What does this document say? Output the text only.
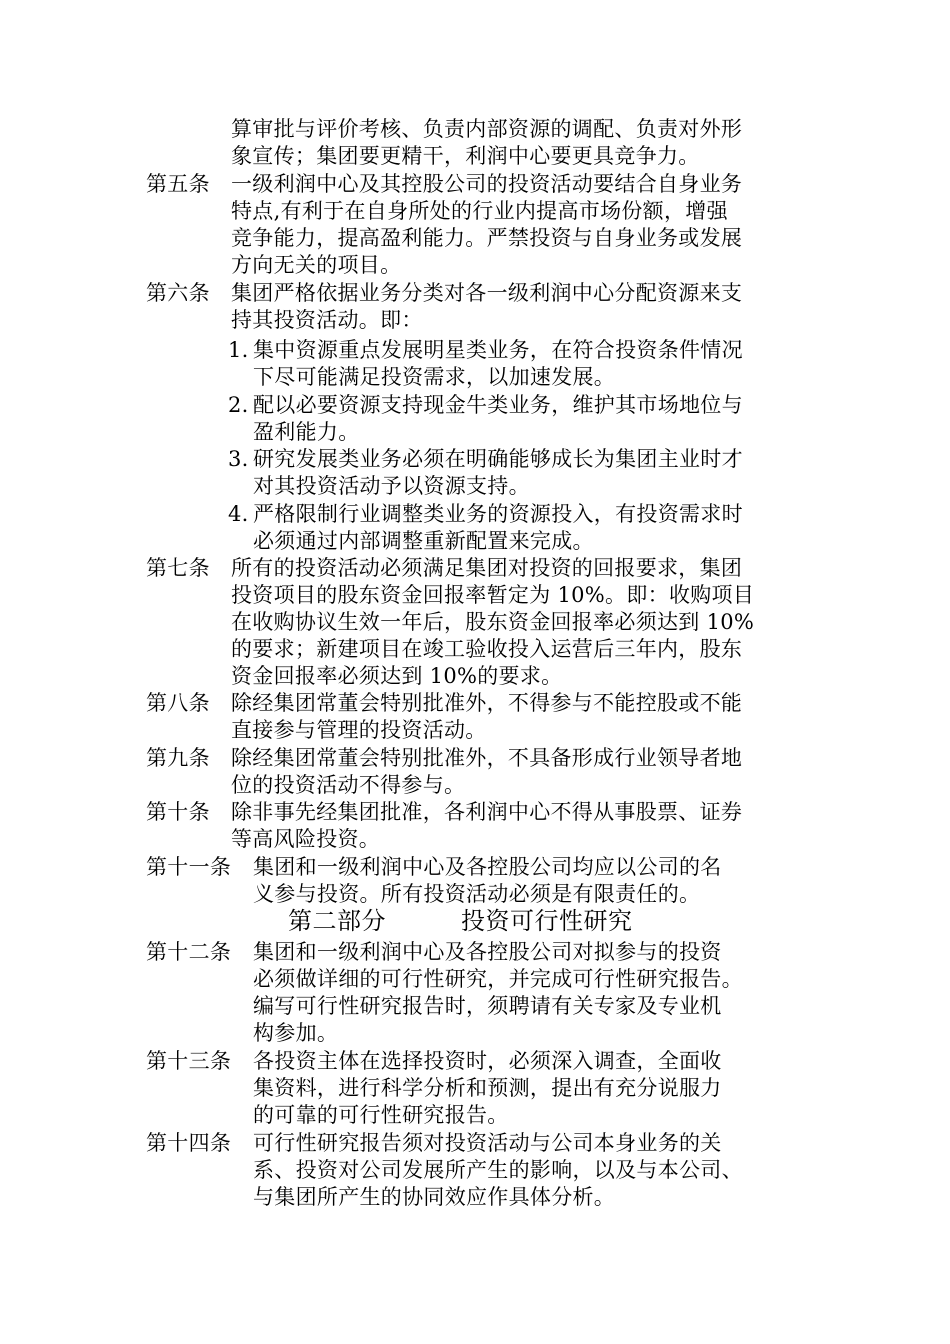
算审批与评价考核、负责内部资源的调配、负责对外形
象宣传；集团要更精干，利润中心要更具竞争力。
第五条 一级利润中心及其控股公司的投资活动要结合自身业务
特点,有利于在自身所处的行业内提高市场份额，增强
竞争能力，提高盈利能力。严禁投资与自身业务或发展
方向无关的项目。
第六条 集团严格依据业务分类对各一级利润中心分配资源来支
持其投资活动。即：
1. 集中资源重点发展明星类业务，在符合投资条件情况
下尽可能满足投资需求，以加速发展。
2. 配以必要资源支持现金牛类业务，维护其市场地位与
盈利能力。
3. 研究发展类业务必须在明确能够成长为集团主业时才
对其投资活动予以资源支持。
4. 严格限制行业调整类业务的资源投入，有投资需求时
必须通过内部调整重新配置来完成。
第七条 所有的投资活动必须满足集团对投资的回报要求，集团
投资项目的股东资金回报率暂定为 10%。即：收购项目
在收购协议生效一年后，股东资金回报率必须达到 10%
的要求；新建项目在竣工验收投入运营后三年内，股东
资金回报率必须达到 10%的要求。
第八条 除经集团常董会特别批准外，不得参与不能控股或不能
直接参与管理的投资活动。
第九条 除经集团常董会特别批准外，不具备形成行业领导者地
位的投资活动不得参与。
第十条 除非事先经集团批准，各利润中心不得从事股票、证券
等高风险投资。
第十一条 集团和一级利润中心及各控股公司均应以公司的名
义参与投资。所有投资活动必须是有限责任的。
第二部分	投资可行性研究
第十二条 集团和一级利润中心及各控股公司对拟参与的投资
必须做详细的可行性研究，并完成可行性研究报告。
编写可行性研究报告时，须聘请有关专家及专业机
构参加。
第十三条 各投资主体在选择投资时，必须深入调查，全面收
集资料，进行科学分析和预测，提出有充分说服力
的可靠的可行性研究报告。
第十四条 可行性研究报告须对投资活动与公司本身业务的关
系、投资对公司发展所产生的影响，以及与本公司、
与集团所产生的协同效应作具体分析。
